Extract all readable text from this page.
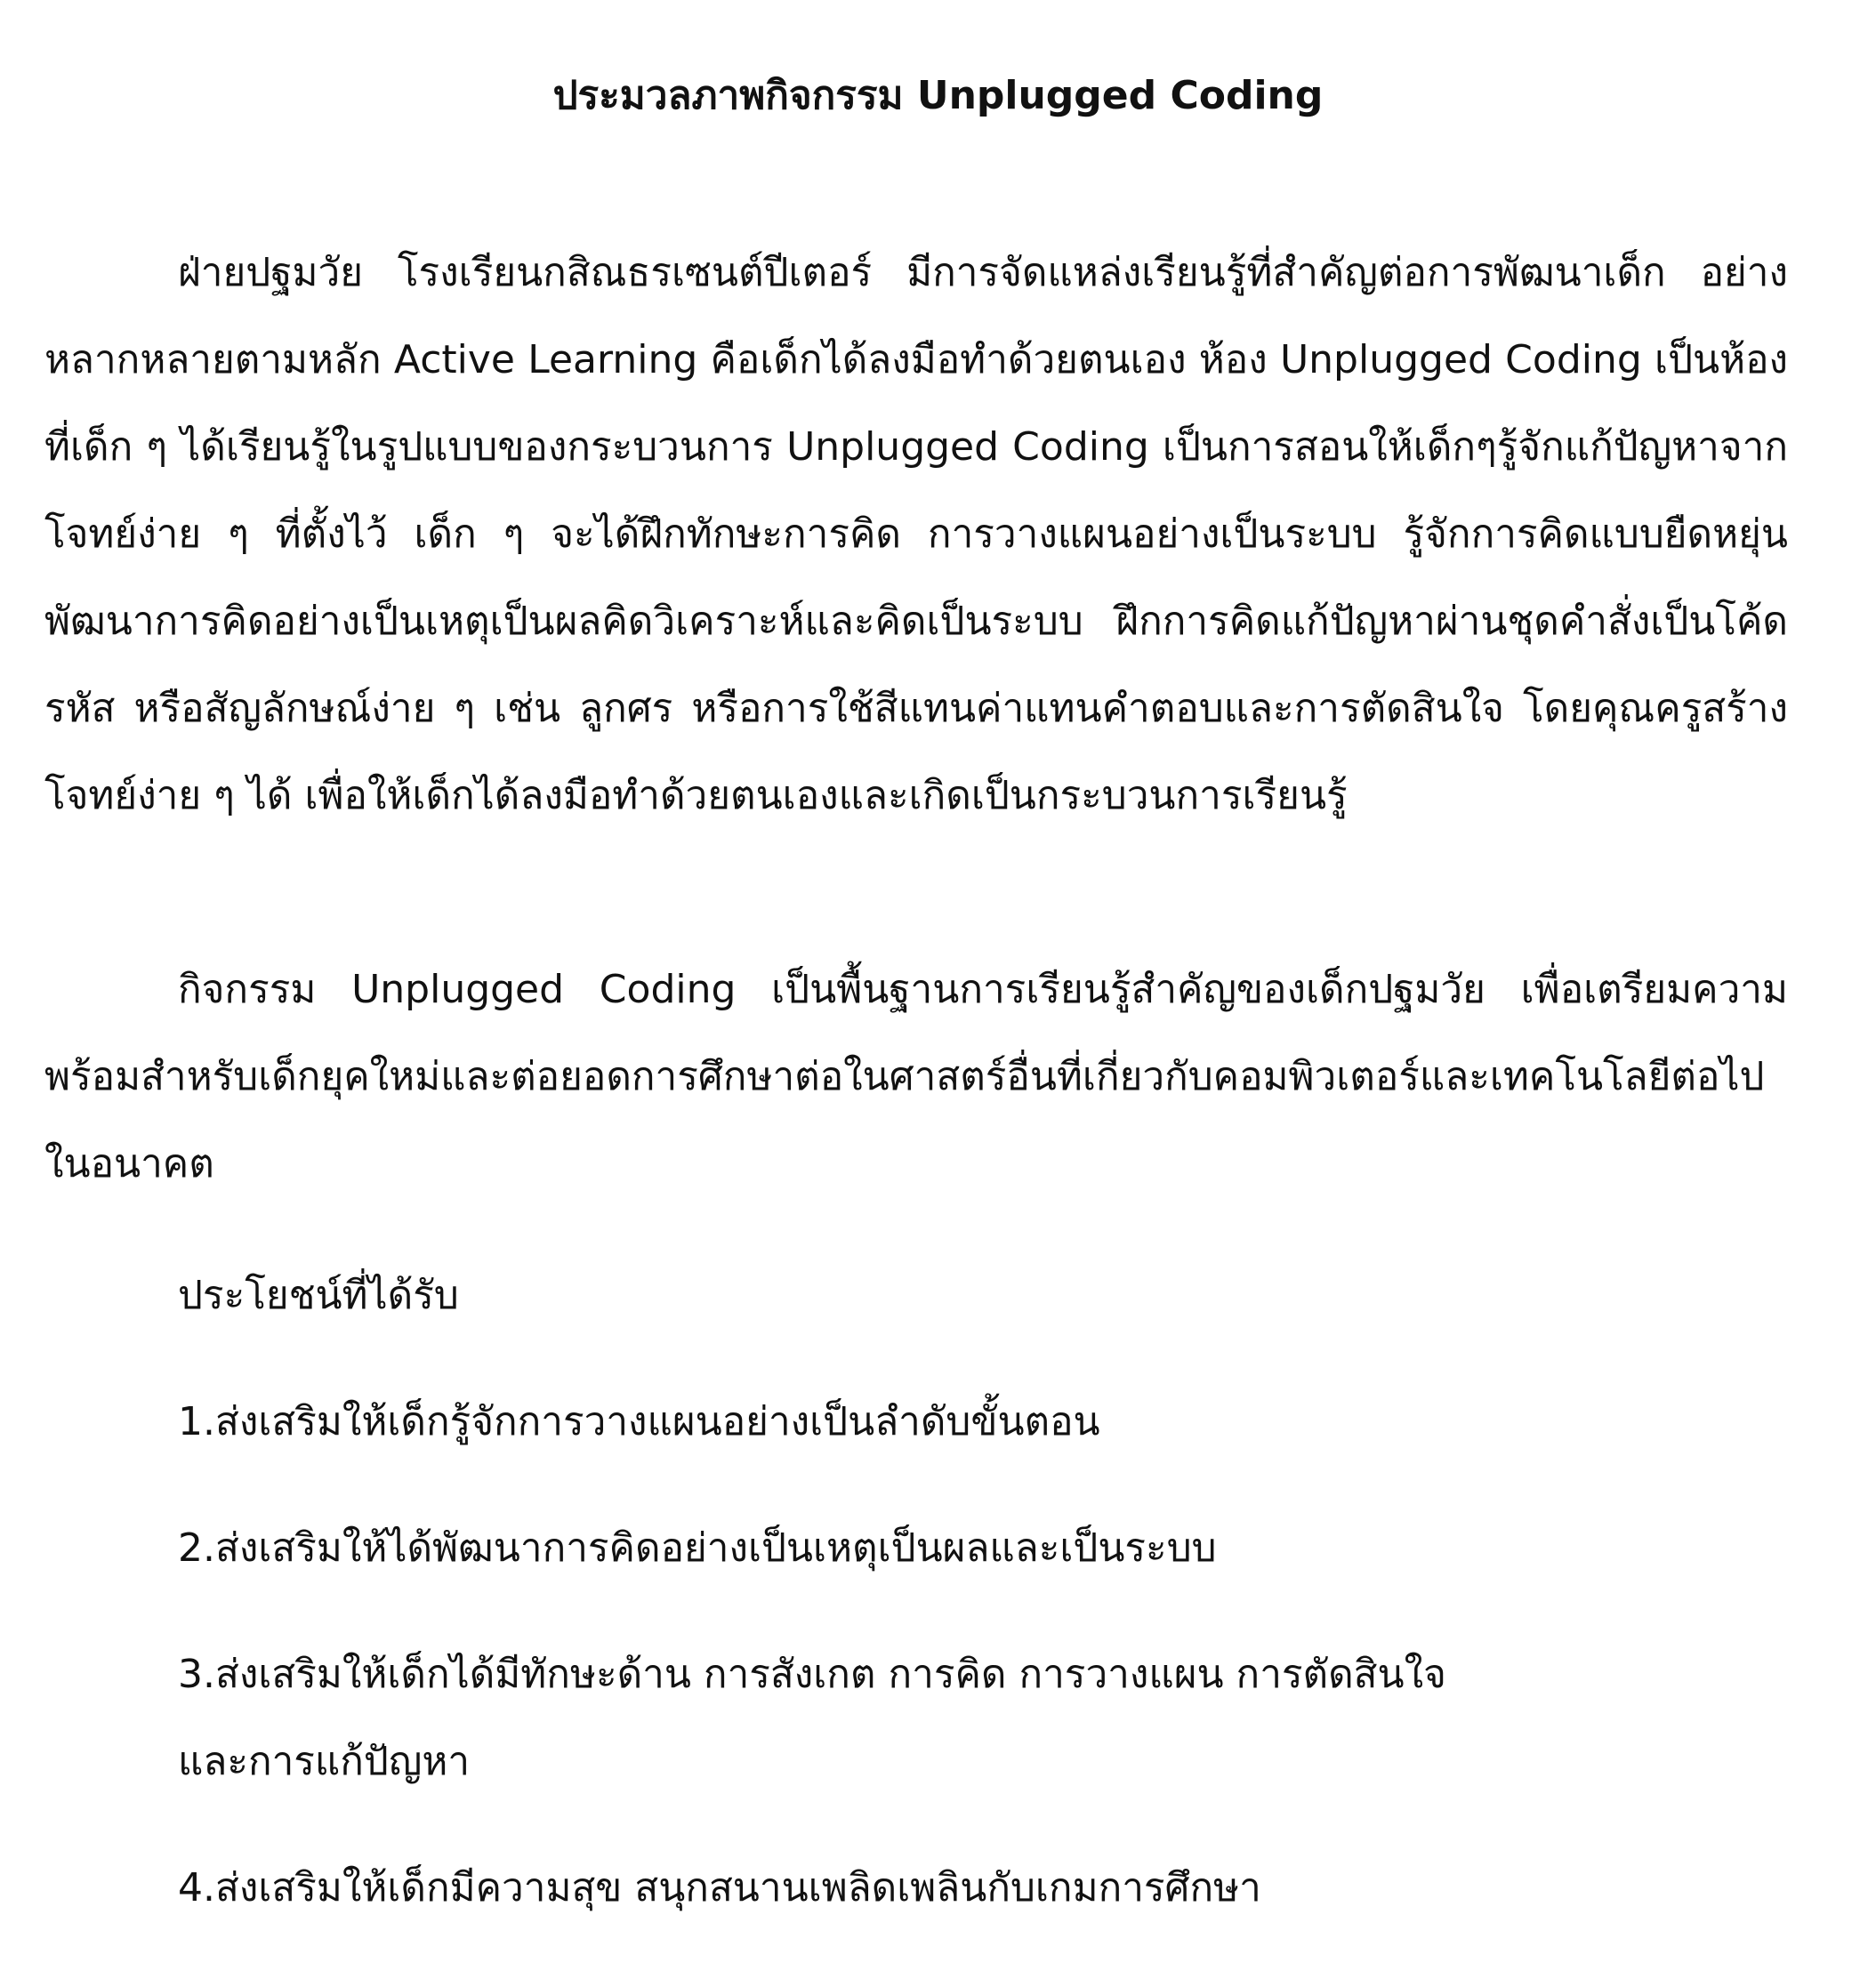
ประมวลภาพกิจกรรม Unplugged Coding

ฝ่ายปฐมวัย โรงเรียนกสิณธรเซนต์ปีเตอร์ มีการจัดแหล่งเรียนรู้ที่สำคัญต่อการพัฒนาเด็ก อย่างหลากหลายตามหลัก Active Learning คือเด็กได้ลงมือทำด้วยตนเอง ห้อง Unplugged Coding เป็นห้องที่เด็ก ๆ ได้เรียนรู้ในรูปแบบของกระบวนการ Unplugged Coding เป็นการสอนให้เด็กๆรู้จักแก้ปัญหาจากโจทย์ง่าย ๆ ที่ตั้งไว้ เด็ก ๆ จะได้ฝึกทักษะการคิด การวางแผนอย่างเป็นระบบ รู้จักการคิดแบบยืดหยุ่น พัฒนาการคิดอย่างเป็นเหตุเป็นผลคิดวิเคราะห์และคิดเป็นระบบ ฝึกการคิดแก้ปัญหาผ่านชุดคำสั่งเป็นโค้ด รหัส หรือสัญลักษณ์ง่าย ๆ เช่น ลูกศร หรือการใช้สีแทนค่าแทนคำตอบและการตัดสินใจ โดยคุณครูสร้างโจทย์ง่าย ๆ ได้ เพื่อให้เด็กได้ลงมือทำด้วยตนเองและเกิดเป็นกระบวนการเรียนรู้

กิจกรรม Unplugged Coding เป็นพื้นฐานการเรียนรู้สำคัญของเด็กปฐมวัย เพื่อเตรียมความพร้อมสำหรับเด็กยุคใหม่และต่อยอดการศึกษาต่อในศาสตร์อื่นที่เกี่ยวกับคอมพิวเตอร์และเทคโนโลยีต่อไปในอนาคต

ประโยชน์ที่ได้รับ

1.ส่งเสริมให้เด็กรู้จักการวางแผนอย่างเป็นลำดับขั้นตอน
2.ส่งเสริมให้ได้พัฒนาการคิดอย่างเป็นเหตุเป็นผลและเป็นระบบ
3.ส่งเสริมให้เด็กได้มีทักษะด้าน การสังเกต การคิด การวางแผน การตัดสินใจ
และการแก้ปัญหา
4.ส่งเสริมให้เด็กมีความสุข สนุกสนานเพลิดเพลินกับเกมการศึกษา
